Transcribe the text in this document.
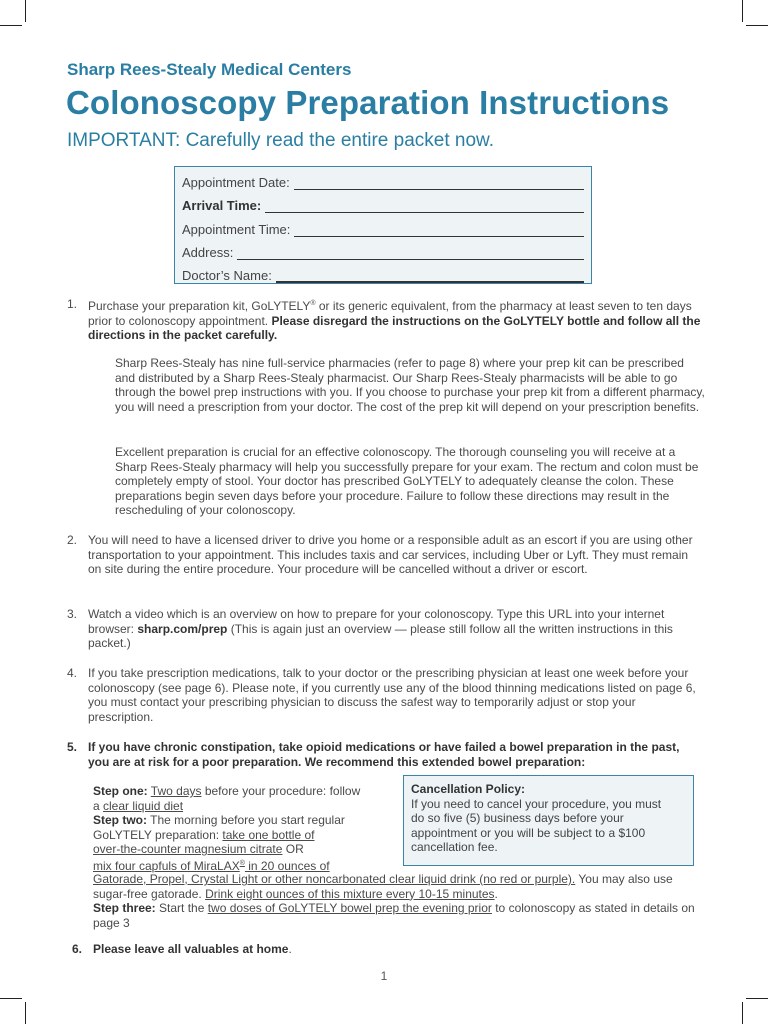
Sharp Rees-Stealy Medical Centers
Colonoscopy Preparation Instructions
IMPORTANT: Carefully read the entire packet now.
Appointment Date:
Arrival Time:
Appointment Time:
Address:
Doctor’s Name:
1. Purchase your preparation kit, GoLYTELY® or its generic equivalent, from the pharmacy at least seven to ten days prior to colonoscopy appointment. Please disregard the instructions on the GoLYTELY bottle and follow all the directions in the packet carefully.
Sharp Rees-Stealy has nine full-service pharmacies (refer to page 8) where your prep kit can be prescribed and distributed by a Sharp Rees-Stealy pharmacist. Our Sharp Rees-Stealy pharmacists will be able to go through the bowel prep instructions with you. If you choose to purchase your prep kit from a different pharmacy, you will need a prescription from your doctor. The cost of the prep kit will depend on your prescription benefits.
Excellent preparation is crucial for an effective colonoscopy. The thorough counseling you will receive at a Sharp Rees-Stealy pharmacy will help you successfully prepare for your exam. The rectum and colon must be completely empty of stool. Your doctor has prescribed GoLYTELY to adequately cleanse the colon. These preparations begin seven days before your procedure. Failure to follow these directions may result in the rescheduling of your colonoscopy.
2. You will need to have a licensed driver to drive you home or a responsible adult as an escort if you are using other transportation to your appointment. This includes taxis and car services, including Uber or Lyft. They must remain on site during the entire procedure. Your procedure will be cancelled without a driver or escort.
3. Watch a video which is an overview on how to prepare for your colonoscopy. Type this URL into your internet browser: sharp.com/prep (This is again just an overview — please still follow all the written instructions in this packet.)
4. If you take prescription medications, talk to your doctor or the prescribing physician at least one week before your colonoscopy (see page 6). Please note, if you currently use any of the blood thinning medications listed on page 6, you must contact your prescribing physician to discuss the safest way to temporarily adjust or stop your prescription.
5. If you have chronic constipation, take opioid medications or have failed a bowel preparation in the past, you are at risk for a poor preparation. We recommend this extended bowel preparation:
Step one: Two days before your procedure: follow
a clear liquid diet
Step two: The morning before you start regular
GoLYTELY preparation: take one bottle of
over-the-counter magnesium citrate OR
mix four capfuls of MiraLAX® in 20 ounces of
Gatorade, Propel, Crystal Light or other noncarbonated clear liquid drink (no red or purple). You may also use sugar-free gatorade. Drink eight ounces of this mixture every 10-15 minutes.
Step three: Start the two doses of GoLYTELY bowel prep the evening prior to colonoscopy as stated in details on page 3
Cancellation Policy:
If you need to cancel your procedure, you must do so five (5) business days before your appointment or you will be subject to a $100 cancellation fee.
6. Please leave all valuables at home.
1
